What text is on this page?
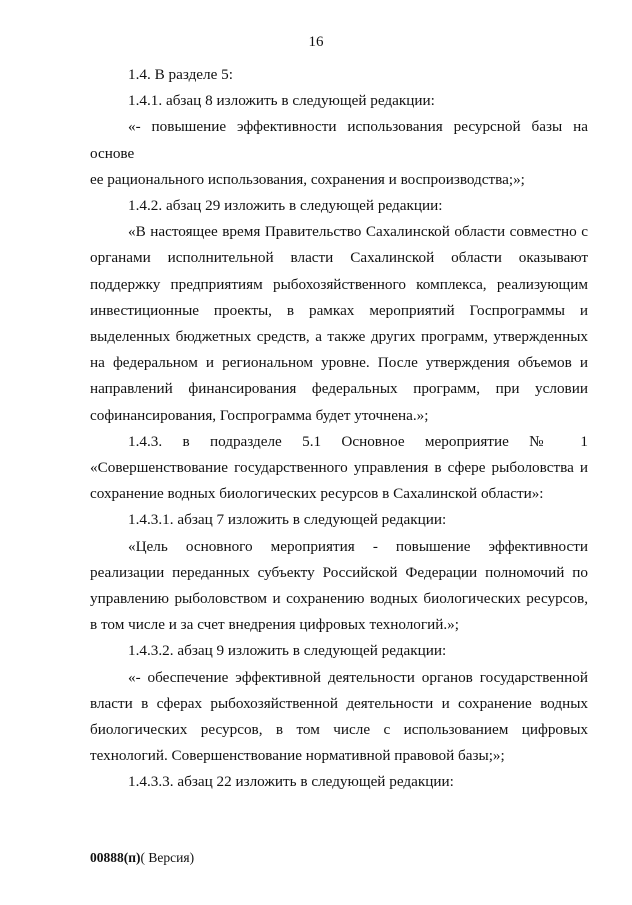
16

1.4. В разделе 5:

1.4.1. абзац 8 изложить в следующей редакции:

«- повышение эффективности использования ресурсной базы на основе
ее рационального использования, сохранения и воспроизводства;»;

1.4.2. абзац 29 изложить в следующей редакции:

«В настоящее время Правительство Сахалинской области совместно с органами исполнительной власти Сахалинской области оказывают поддержку предприятиям рыбохозяйственного комплекса, реализующим инвестиционные проекты, в рамках мероприятий Госпрограммы и выделенных бюджетных средств, а также других программ, утвержденных на федеральном и региональном уровне. После утверждения объемов и направлений финансирования федеральных программ, при условии софинансирования, Госпрограмма будет уточнена.»;

1.4.3. в подразделе 5.1 Основное мероприятие № 1 «Совершенствование государственного управления в сфере рыболовства и сохранение водных биологических ресурсов в Сахалинской области»:

1.4.3.1. абзац 7 изложить в следующей редакции:

«Цель основного мероприятия - повышение эффективности реализации переданных субъекту Российской Федерации полномочий по управлению рыболовством и сохранению водных биологических ресурсов, в том числе и за счет внедрения цифровых технологий.»;

1.4.3.2. абзац 9 изложить в следующей редакции:

«- обеспечение эффективной деятельности органов государственной власти в сферах рыбохозяйственной деятельности и сохранение водных биологических ресурсов, в том числе с использованием цифровых технологий. Совершенствование нормативной правовой базы;»;

1.4.3.3. абзац 22 изложить в следующей редакции:

00888(п)( Версия)
